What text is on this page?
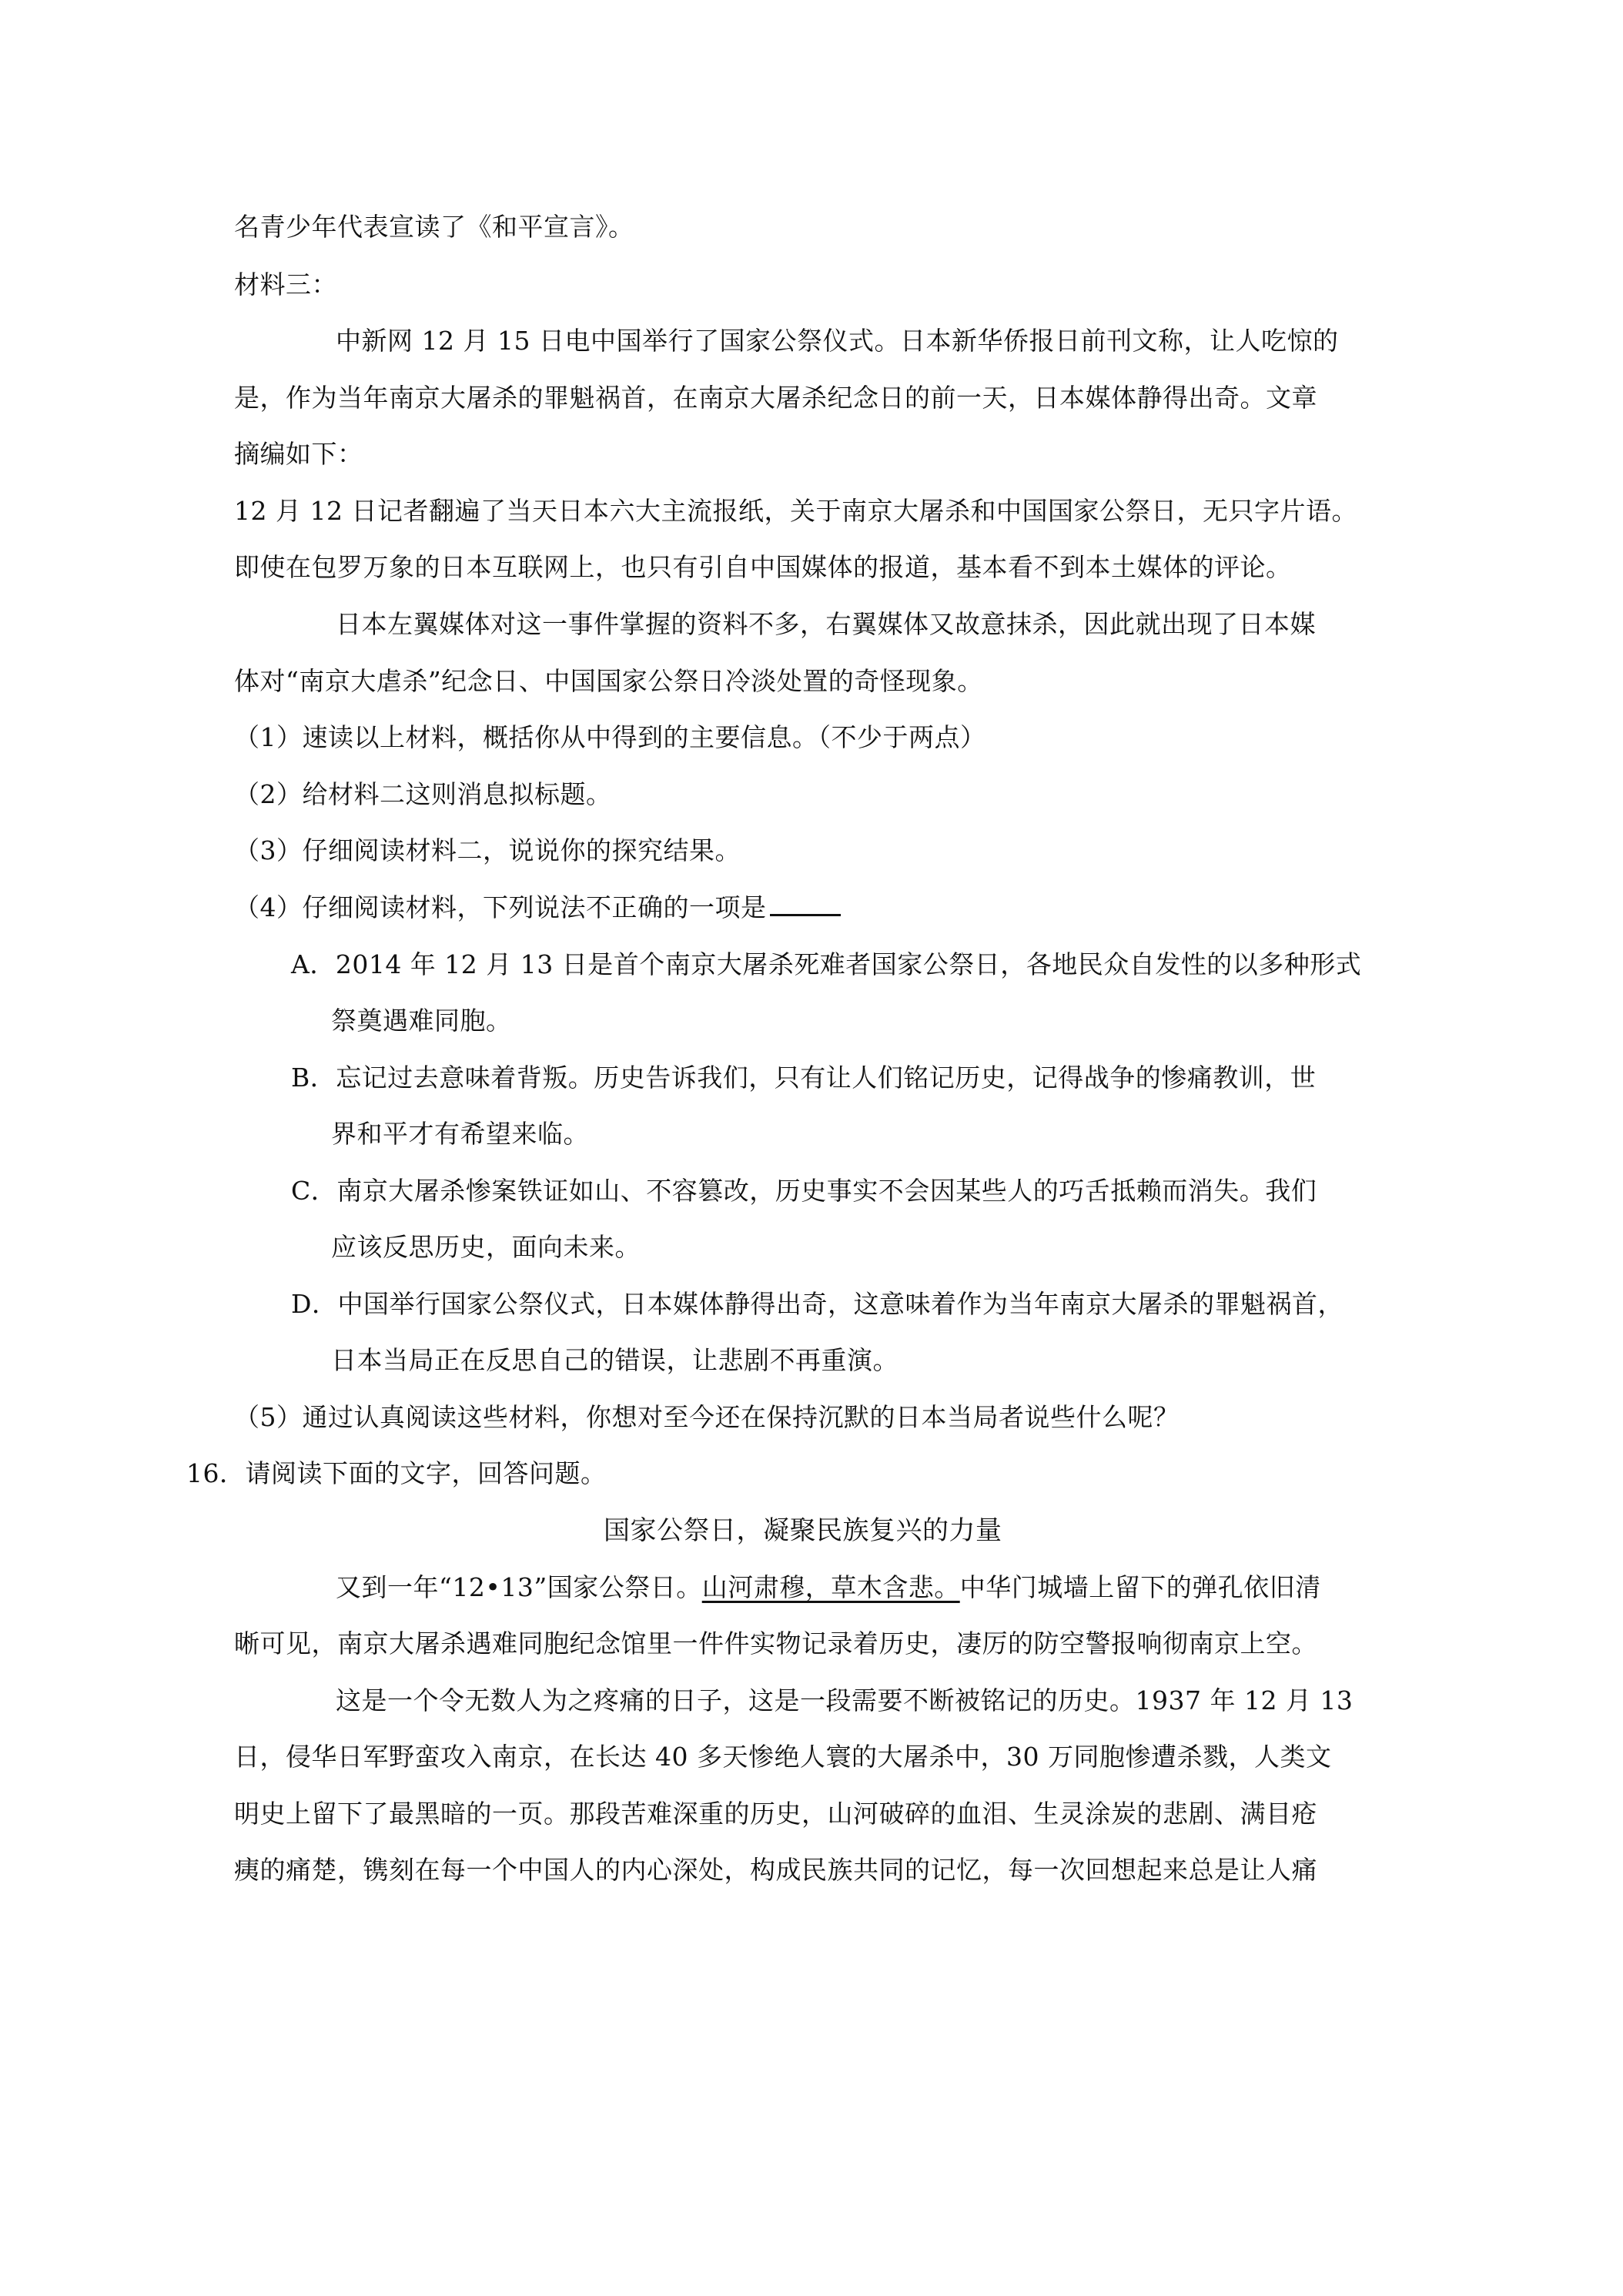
名青少年代表宣读了《和平宣言》。
材料三：
中新网 12 月 15 日电中国举行了国家公祭仪式。日本新华侨报日前刊文称，让人吃惊的
是，作为当年南京大屠杀的罪魁祸首，在南京大屠杀纪念日的前一天，日本媒体静得出奇。文章
摘编如下：
12 月 12 日记者翻遍了当天日本六大主流报纸，关于南京大屠杀和中国国家公祭日，无只字片语。
即使在包罗万象的日本互联网上，也只有引自中国媒体的报道，基本看不到本土媒体的评论。
日本左翼媒体对这一事件掌握的资料不多，右翼媒体又故意抹杀，因此就出现了日本媒
体对“南京大虐杀”纪念日、中国国家公祭日冷淡处置的奇怪现象。
（1）速读以上材料，概括你从中得到的主要信息。（不少于两点）
（2）给材料二这则消息拟标题。
（3）仔细阅读材料二，说说你的探究结果。
（4）仔细阅读材料，下列说法不正确的一项是
A．2014 年 12 月 13 日是首个南京大屠杀死难者国家公祭日，各地民众自发性的以多种形式
祭奠遇难同胞。
B．忘记过去意味着背叛。历史告诉我们，只有让人们铭记历史，记得战争的惨痛教训，世
界和平才有希望来临。
C．南京大屠杀惨案铁证如山、不容篡改，历史事实不会因某些人的巧舌抵赖而消失。我们
应该反思历史，面向未来。
D．中国举行国家公祭仪式，日本媒体静得出奇，这意味着作为当年南京大屠杀的罪魁祸首，
日本当局正在反思自己的错误，让悲剧不再重演。
（5）通过认真阅读这些材料，你想对至今还在保持沉默的日本当局者说些什么呢？
16．请阅读下面的文字，回答问题。
国家公祭日，凝聚民族复兴的力量
又到一年“12•13”国家公祭日。山河肃穆，草木含悲。中华门城墙上留下的弹孔依旧清
晰可见，南京大屠杀遇难同胞纪念馆里一件件实物记录着历史，凄厉的防空警报响彻南京上空。
这是一个令无数人为之疼痛的日子，这是一段需要不断被铭记的历史。1937 年 12 月 13
日，侵华日军野蛮攻入南京，在长达 40 多天惨绝人寰的大屠杀中，30 万同胞惨遭杀戮，人类文
明史上留下了最黑暗的一页。那段苦难深重的历史，山河破碎的血泪、生灵涂炭的悲剧、满目疮
痍的痛楚，镌刻在每一个中国人的内心深处，构成民族共同的记忆，每一次回想起来总是让人痛
